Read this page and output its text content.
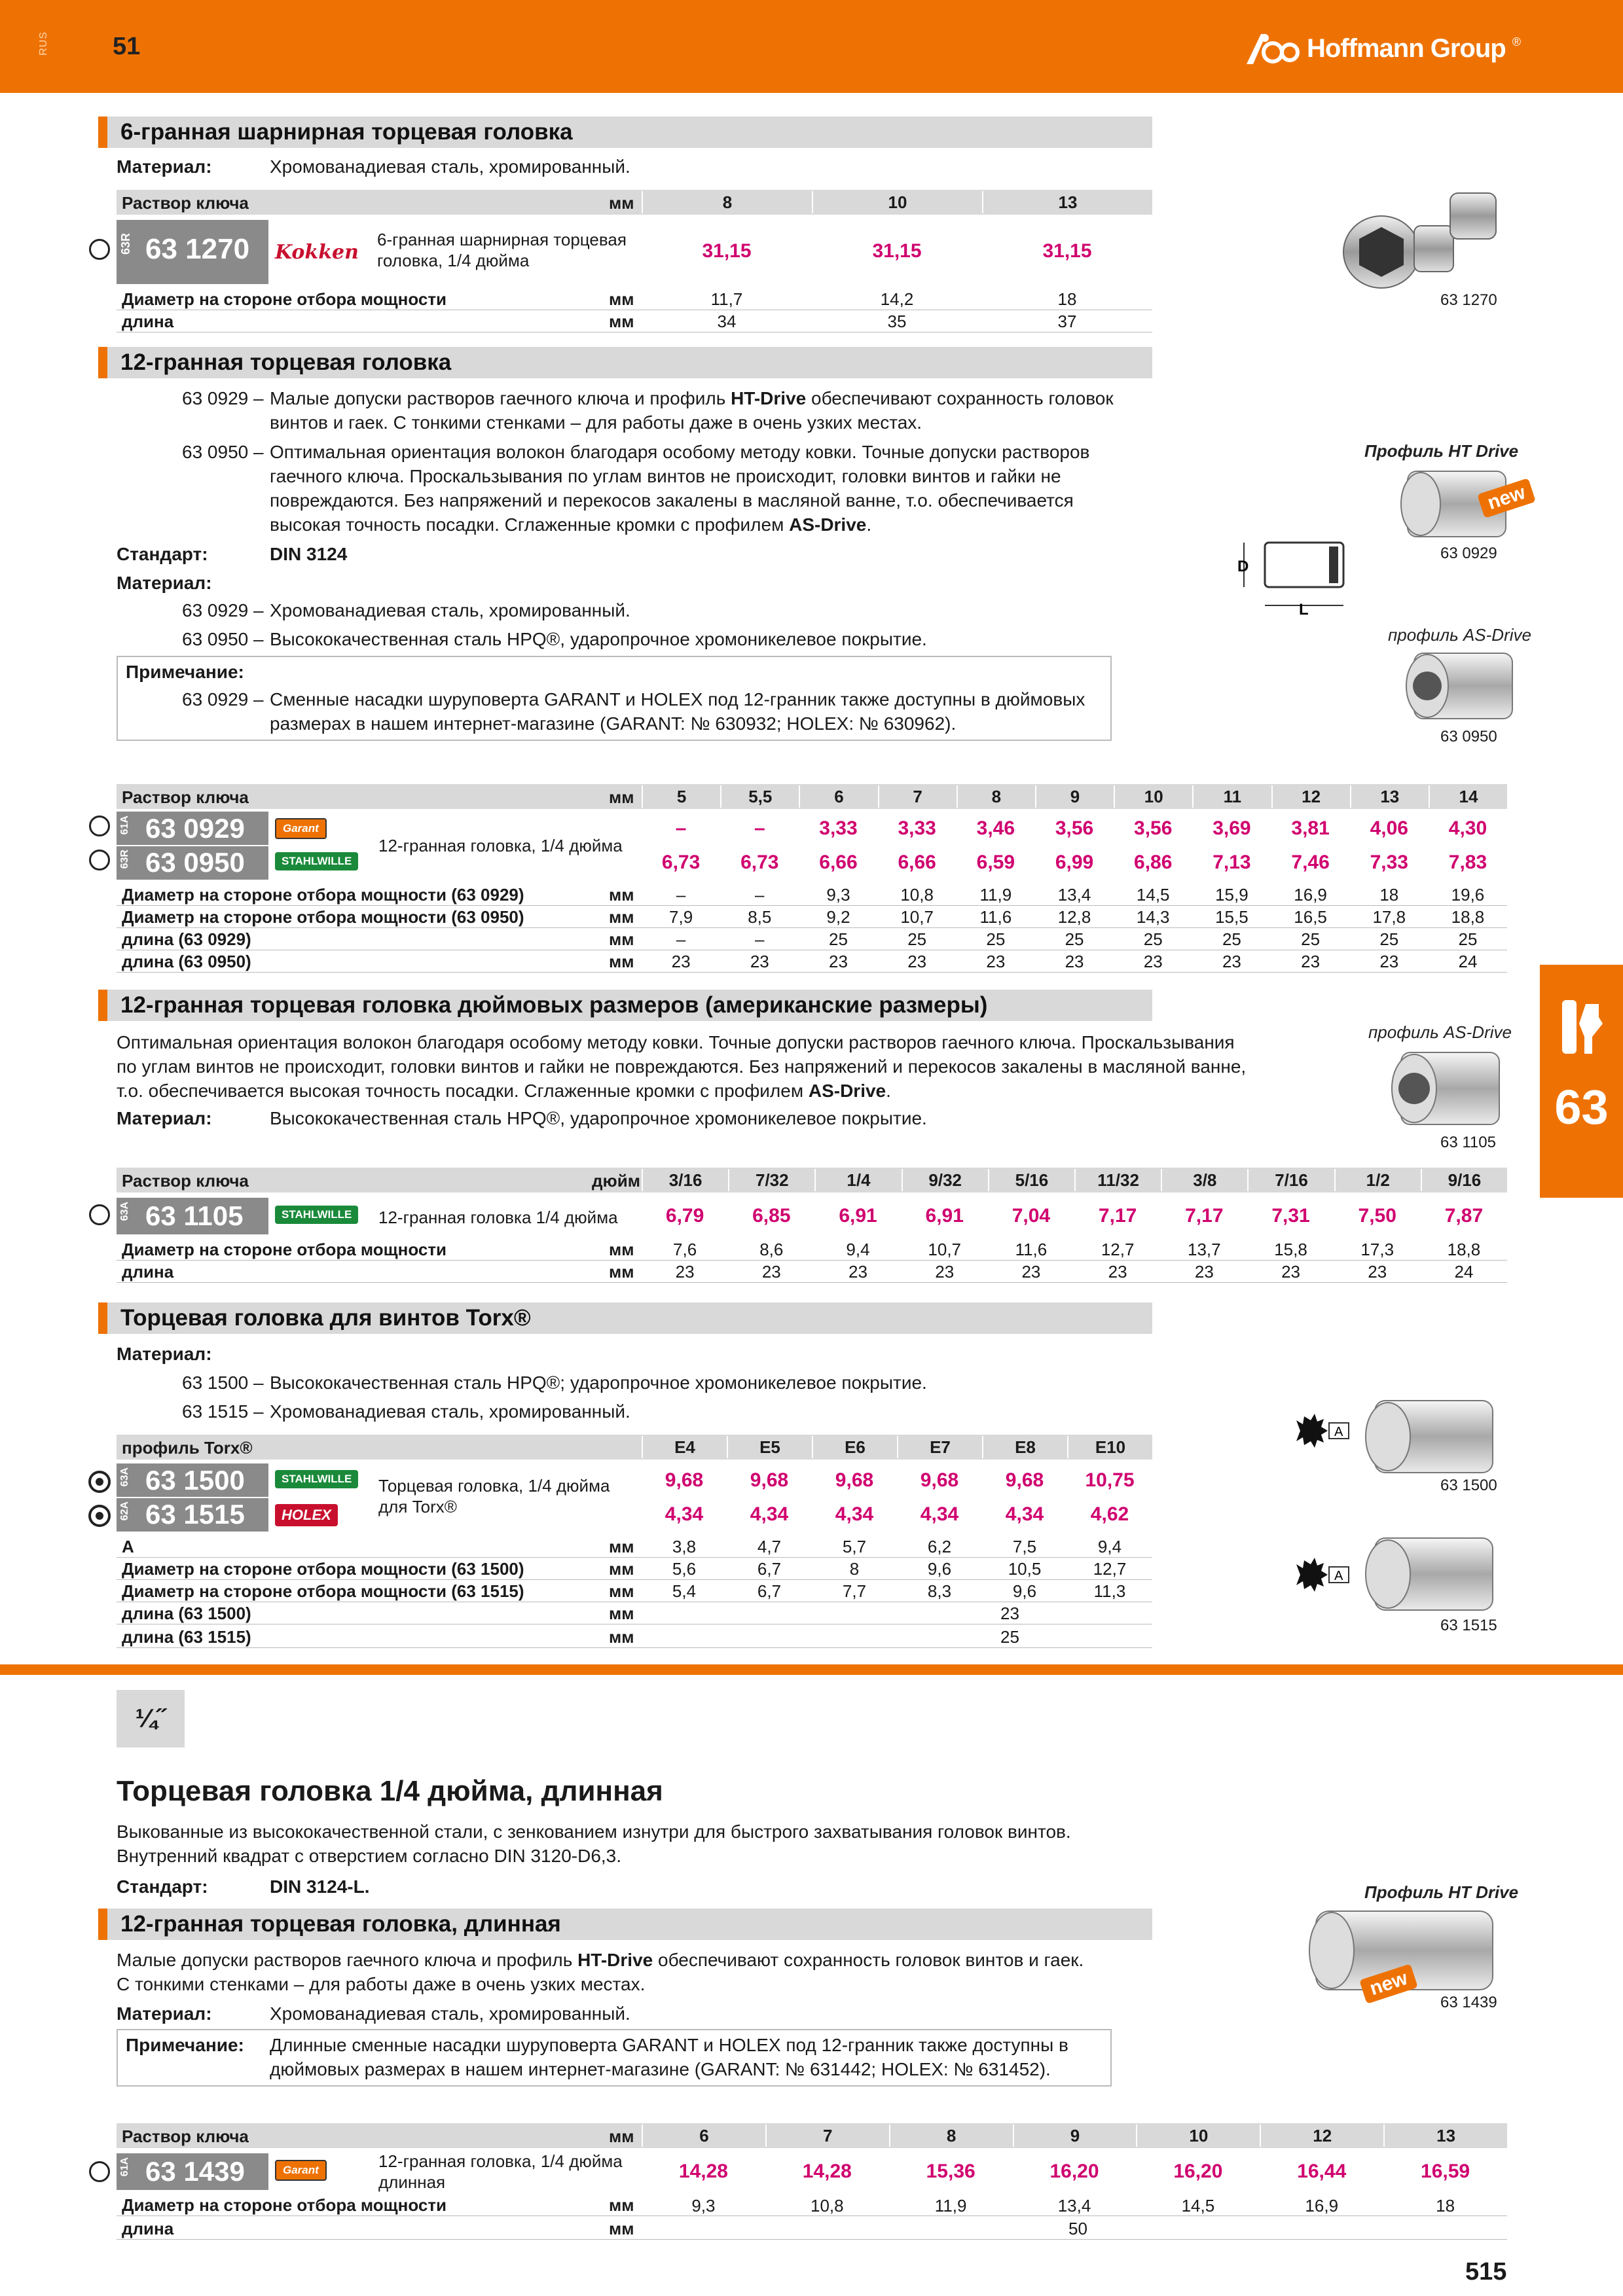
RUS	51	Hoffmann Group ®
63
6-гранная шарнирная торцевая головка
Материал:	Хромованадиевая сталь, хромированный.
Раствор ключа	мм	8	10	13
63R 63 1270 Kokken
6-гранная шарнирная торцевая головка, 1/4 дюйма	31,15	31,15	31,15
Диаметр на стороне отбора мощности	мм	11,7	14,2	18
длина	мм	34	35	37
63 1270
12-гранная торцевая головка
63 0929 – Малые допуски растворов гаечного ключа и профиль HT-Drive обеспечивают сохранность головок
винтов и гаек. С тонкими стенками – для работы даже в очень узких местах.
63 0950 – Оптимальная ориентация волокон благодаря особому методу ковки. Точные допуски растворов
гаечного ключа. Проскальзывания по углам винтов не происходит, головки винтов и гайки не
повреждаются. Без напряжений и перекосов закалены в масляной ванне, т.о. обеспечивается
высокая точность посадки. Сглаженные кромки с профилем AS-Drive.
Стандарт:	DIN 3124
Материал:
63 0929 – Хромованадиевая сталь, хромированный.
63 0950 – Высококачественная сталь HPQ®, ударопрочное хромоникелевое покрытие.
Примечание:
63 0929 – Сменные насадки шуруповерта GARANT и HOLEX под 12-гранник также доступны в дюймовых
размерах в нашем интернет-магазине (GARANT: № 630932; HOLEX: № 630962).
D
L
Профиль HT Drive
new
63 0929
профиль AS-Drive
63 0950
Раствор ключа	мм	5	5,5	6	7	8	9	10	11	12	13	14
61A 63 0929
63R 63 0950
Garant
STAHLWILLE
12-гранная головка, 1/4 дюйма
–	–	3,33	3,33	3,46	3,56	3,56	3,69	3,81	4,06	4,30
6,73	6,73	6,66	6,66	6,59	6,99	6,86	7,13	7,46	7,33	7,83
Диаметр на стороне отбора мощности (63 0929)	мм	–	–	9,3	10,8	11,9	13,4	14,5	15,9	16,9	18	19,6
Диаметр на стороне отбора мощности (63 0950)	мм	7,9	8,5	9,2	10,7	11,6	12,8	14,3	15,5	16,5	17,8	18,8
длина (63 0929)	мм	–	–	25	25	25	25	25	25	25	25	25
длина (63 0950)	мм	23	23	23	23	23	23	23	23	23	23	24
12-гранная торцевая головка дюймовых размеров (американские размеры)
Оптимальная ориентация волокон благодаря особому методу ковки. Точные допуски растворов гаечного ключа. Проскальзывания
по углам винтов не происходит, головки винтов и гайки не повреждаются. Без напряжений и перекосов закалены в масляной ванне,
т.о. обеспечивается высокая точность посадки. Сглаженные кромки с профилем AS-Drive.
Материал:	Высококачественная сталь HPQ®, ударопрочное хромоникелевое покрытие.
профиль AS-Drive
63 1105
Раствор ключа	дюйм	3/16	7/32	1/4	9/32	5/16	11/32	3/8	7/16	1/2	9/16
63A 63 1105	STAHLWILLE	12-гранная головка 1/4 дюйма	6,79	6,85	6,91	6,91	7,04	7,17	7,17	7,31	7,50	7,87
Диаметр на стороне отбора мощности	мм	7,6	8,6	9,4	10,7	11,6	12,7	13,7	15,8	17,3	18,8
длина	мм	23	23	23	23	23	23	23	23	23	24
Торцевая головка для винтов Torx®
Материал:
63 1500 – Высококачественная сталь HPQ®; ударопрочное хромоникелевое покрытие.
63 1515 – Хромованадиевая сталь, хромированный.
профиль Torx®	E4	E5	E6	E7	E8	E10
63A 63 1500
62A 63 1515
STAHLWILLE
HOLEX
Торцевая головка, 1/4 дюйма для Torx®
9,68	9,68	9,68	9,68	9,68	10,75
4,34	4,34	4,34	4,34	4,34	4,62
A	мм	3,8	4,7	5,7	6,2	7,5	9,4
Диаметр на стороне отбора мощности (63 1500)	мм	5,6	6,7	8	9,6	10,5	12,7
Диаметр на стороне отбора мощности (63 1515)	мм	5,4	6,7	7,7	8,3	9,6	11,3
длина (63 1500)	мм	23
длина (63 1515)	мм	25
A
63 1500
A
63 1515
¼˝
Торцевая головка 1/4 дюйма, длинная
Выкованные из высококачественной стали, с зенкованием изнутри для быстрого захватывания головок винтов.
Внутренний квадрат с отверстием согласно DIN 3120-D6,3.
Стандарт:	DIN 3124-L.
12-гранная торцевая головка, длинная
Малые допуски растворов гаечного ключа и профиль HT-Drive обеспечивают сохранность головок винтов и гаек.
С тонкими стенками – для работы даже в очень узких местах.
Материал:	Хромованадиевая сталь, хромированный.
Примечание: Длинные сменные насадки шуруповерта GARANT и HOLEX под 12-гранник также доступны в
дюймовых размерах в нашем интернет-магазине (GARANT: № 631442; HOLEX: № 631452).
Профиль HT Drive
new
63 1439
Раствор ключа	мм	6	7	8	9	10	12	13
61A 63 1439	Garant	12-гранная головка, 1/4 дюйма длинная	14,28	14,28	15,36	16,20	16,20	16,44	16,59
Диаметр на стороне отбора мощности	мм	9,3	10,8	11,9	13,4	14,5	16,9	18
длина	мм	50
515
